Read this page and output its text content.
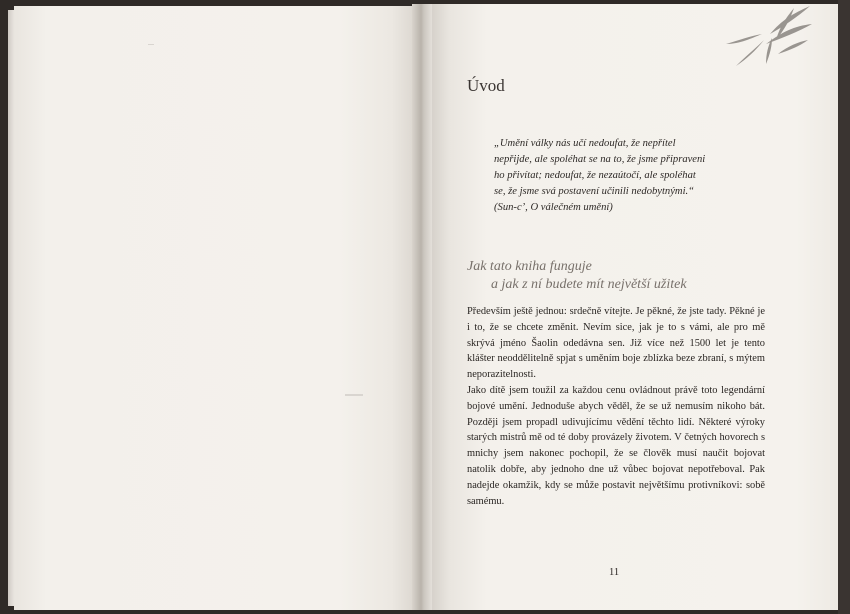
Úvod

„Umění války nás učí nedoufat, že nepřítel

nepřijde, ale spoléhat se na to, že jsme připraveni

ho přivítat; nedoufat, že nezaútočí, ale spoléhat

se, že jsme svá postavení učinili nedobytnými.“

(Sun-c’, O válečném umění)

Jak tato kniha funguje
a jak z ní budete mít největší užitek

Především ještě jednou: srdečně vítejte. Je pěkné, že jste tady. Pěkné je i to, že se chcete změnit. Nevím sice, jak je to s vámi, ale pro mě skrývá jméno Šaolin odedávna sen. Již více než 1500 let je tento klášter neoddělitelně spjat s uměním boje zblízka beze zbraní, s mýtem neporazitelnosti.

Jako dítě jsem toužil za každou cenu ovládnout právě toto legendární bojové umění. Jednoduše abych věděl, že se už nemusím nikoho bát. Později jsem propadl udivujícímu vědění těchto lidí. Některé výroky starých mistrů mě od té doby provázely životem. V četných hovorech s mnichy jsem nakonec pochopil, že se člověk musí naučit bojovat natolik dobře, aby jednoho dne už vůbec bojovat nepotřeboval. Pak nadejde okamžik, kdy se může postavit největšímu protivníkovi: sobě samému.

11
